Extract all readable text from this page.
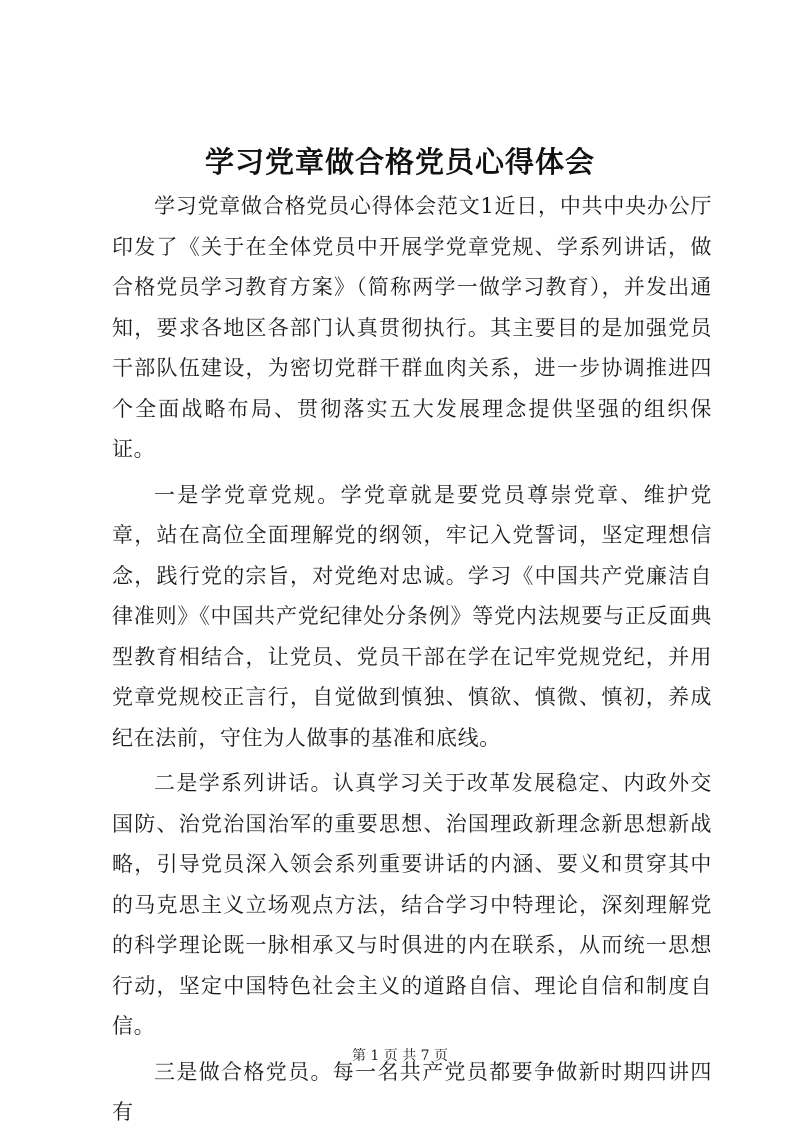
学习党章做合格党员心得体会

学习党章做合格党员心得体会范文1近日，中共中央办公厅印发了《关于在全体党员中开展学党章党规、学系列讲话，做合格党员学习教育方案》（简称两学一做学习教育），并发出通知，要求各地区各部门认真贯彻执行。其主要目的是加强党员干部队伍建设，为密切党群干群血肉关系，进一步协调推进四个全面战略布局、贯彻落实五大发展理念提供坚强的组织保证。

一是学党章党规。学党章就是要党员尊崇党章、维护党章，站在高位全面理解党的纲领，牢记入党誓词，坚定理想信念，践行党的宗旨，对党绝对忠诚。学习《中国共产党廉洁自律准则》《中国共产党纪律处分条例》等党内法规要与正反面典型教育相结合，让党员、党员干部在学在记牢党规党纪，并用党章党规校正言行，自觉做到慎独、慎欲、慎微、慎初，养成纪在法前，守住为人做事的基准和底线。

二是学系列讲话。认真学习关于改革发展稳定、内政外交国防、治党治国治军的重要思想、治国理政新理念新思想新战略，引导党员深入领会系列重要讲话的内涵、要义和贯穿其中的马克思主义立场观点方法，结合学习中特理论，深刻理解党的科学理论既一脉相承又与时俱进的内在联系，从而统一思想行动，坚定中国特色社会主义的道路自信、理论自信和制度自信。

三是做合格党员。每一名共产党员都要争做新时期四讲四有

第 1 页 共 7 页
